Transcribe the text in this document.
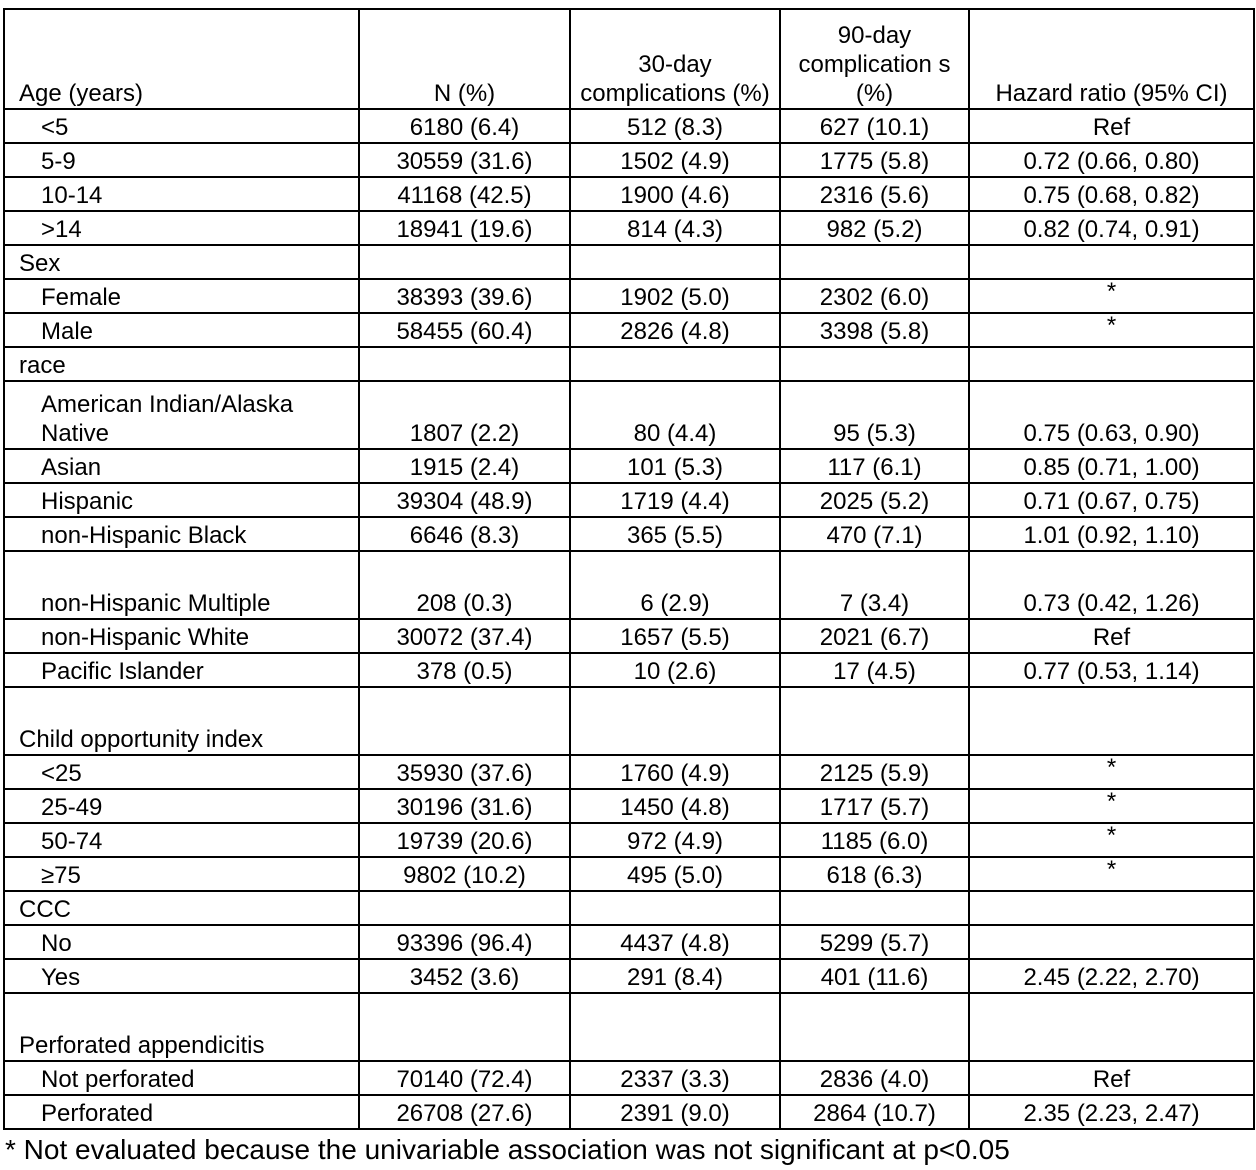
Age (years)	N (%)	30-day complications (%)	90-day complication s (%)	Hazard ratio (95% CI)
<5	6180 (6.4)	512 (8.3)	627 (10.1)	Ref
5-9	30559 (31.6)	1502 (4.9)	1775 (5.8)	0.72 (0.66, 0.80)
10-14	41168 (42.5)	1900 (4.6)	2316 (5.6)	0.75 (0.68, 0.82)
>14	18941 (19.6)	814 (4.3)	982 (5.2)	0.82 (0.74, 0.91)
Sex				
Female	38393 (39.6)	1902 (5.0)	2302 (6.0)	*
Male	58455 (60.4)	2826 (4.8)	3398 (5.8)	*
race				
American Indian/Alaska Native	1807 (2.2)	80 (4.4)	95 (5.3)	0.75 (0.63, 0.90)
Asian	1915 (2.4)	101 (5.3)	117 (6.1)	0.85 (0.71, 1.00)
Hispanic	39304 (48.9)	1719 (4.4)	2025 (5.2)	0.71 (0.67, 0.75)
non-Hispanic Black	6646 (8.3)	365 (5.5)	470 (7.1)	1.01 (0.92, 1.10)
non-Hispanic Multiple	208 (0.3)	6 (2.9)	7 (3.4)	0.73 (0.42, 1.26)
non-Hispanic White	30072 (37.4)	1657 (5.5)	2021 (6.7)	Ref
Pacific Islander	378 (0.5)	10 (2.6)	17 (4.5)	0.77 (0.53, 1.14)
Child opportunity index				
<25	35930 (37.6)	1760 (4.9)	2125 (5.9)	*
25-49	30196 (31.6)	1450 (4.8)	1717 (5.7)	*
50-74	19739 (20.6)	972 (4.9)	1185 (6.0)	*
≥75	9802 (10.2)	495 (5.0)	618 (6.3)	*
CCC				
No	93396 (96.4)	4437 (4.8)	5299 (5.7)	
Yes	3452 (3.6)	291 (8.4)	401 (11.6)	2.45 (2.22, 2.70)
Perforated appendicitis				
Not perforated	70140 (72.4)	2337 (3.3)	2836 (4.0)	Ref
Perforated	26708 (27.6)	2391 (9.0)	2864 (10.7)	2.35 (2.23, 2.47)
* Not evaluated because the univariable association was not significant at p<0.05
